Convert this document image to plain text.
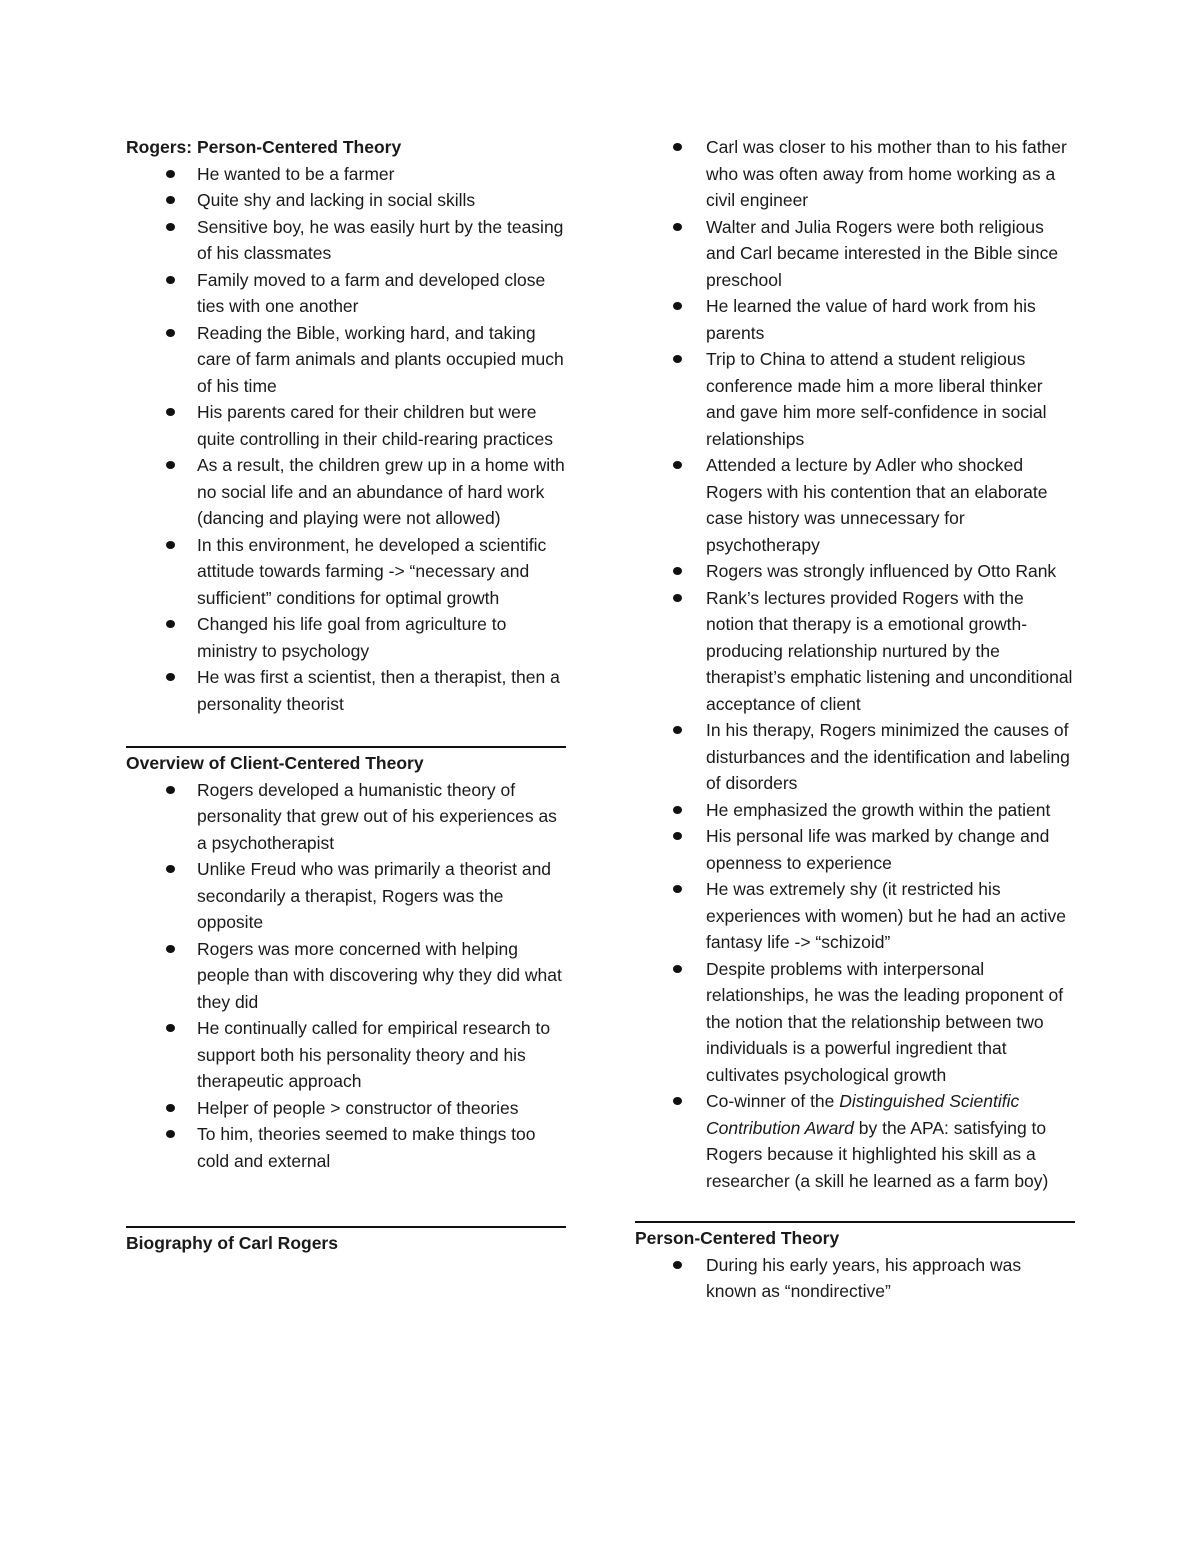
Rogers: Person-Centered Theory
He wanted to be a farmer
Quite shy and lacking in social skills
Sensitive boy, he was easily hurt by the teasing of his classmates
Family moved to a farm and developed close ties with one another
Reading the Bible, working hard, and taking care of farm animals and plants occupied much of his time
His parents cared for their children but were quite controlling in their child-rearing practices
As a result, the children grew up in a home with no social life and an abundance of hard work (dancing and playing were not allowed)
In this environment, he developed a scientific attitude towards farming -> “necessary and sufficient” conditions for optimal growth
Changed his life goal from agriculture to ministry to psychology
He was first a scientist, then a therapist, then a personality theorist
Overview of Client-Centered Theory
Rogers developed a humanistic theory of personality that grew out of his experiences as a psychotherapist
Unlike Freud who was primarily a theorist and secondarily a therapist, Rogers was the opposite
Rogers was more concerned with helping people than with discovering why they did what they did
He continually called for empirical research to support both his personality theory and his therapeutic approach
Helper of people > constructor of theories
To him, theories seemed to make things too cold and external
Biography of Carl Rogers
Carl was closer to his mother than to his father who was often away from home working as a civil engineer
Walter and Julia Rogers were both religious and Carl became interested in the Bible since preschool
He learned the value of hard work from his parents
Trip to China to attend a student religious conference made him a more liberal thinker and gave him more self-confidence in social relationships
Attended a lecture by Adler who shocked Rogers with his contention that an elaborate case history was unnecessary for psychotherapy
Rogers was strongly influenced by Otto Rank
Rank’s lectures provided Rogers with the notion that therapy is a emotional growth-producing relationship nurtured by the therapist’s emphatic listening and unconditional acceptance of client
In his therapy, Rogers minimized the causes of disturbances and the identification and labeling of disorders
He emphasized the growth within the patient
His personal life was marked by change and openness to experience
He was extremely shy (it restricted his experiences with women) but he had an active fantasy life -> “schizoid”
Despite problems with interpersonal relationships, he was the leading proponent of the notion that the relationship between two individuals is a powerful ingredient that cultivates psychological growth
Co-winner of the Distinguished Scientific Contribution Award by the APA: satisfying to Rogers because it highlighted his skill as a researcher (a skill he learned as a farm boy)
Person-Centered Theory
During his early years, his approach was known as “nondirective”
